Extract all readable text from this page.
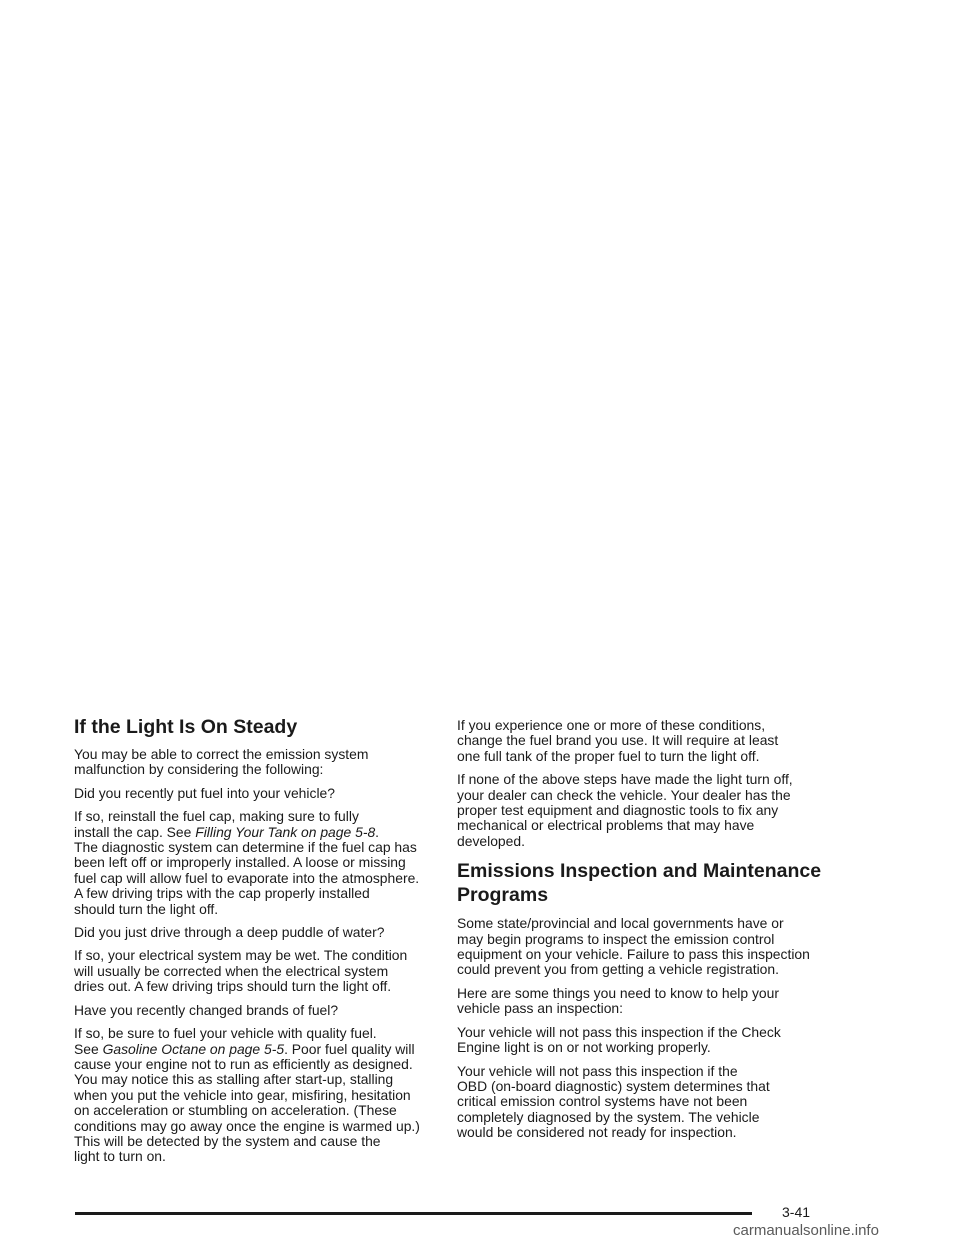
If the Light Is On Steady

You may be able to correct the emission system
malfunction by considering the following:

Did you recently put fuel into your vehicle?

If so, reinstall the fuel cap, making sure to fully
install the cap. See Filling Your Tank on page 5-8.
The diagnostic system can determine if the fuel cap has
been left off or improperly installed. A loose or missing
fuel cap will allow fuel to evaporate into the atmosphere.
A few driving trips with the cap properly installed
should turn the light off.

Did you just drive through a deep puddle of water?

If so, your electrical system may be wet. The condition
will usually be corrected when the electrical system
dries out. A few driving trips should turn the light off.

Have you recently changed brands of fuel?

If so, be sure to fuel your vehicle with quality fuel.
See Gasoline Octane on page 5-5. Poor fuel quality will
cause your engine not to run as efficiently as designed.
You may notice this as stalling after start-up, stalling
when you put the vehicle into gear, misfiring, hesitation
on acceleration or stumbling on acceleration. (These
conditions may go away once the engine is warmed up.)
This will be detected by the system and cause the
light to turn on.

If you experience one or more of these conditions,
change the fuel brand you use. It will require at least
one full tank of the proper fuel to turn the light off.

If none of the above steps have made the light turn off,
your dealer can check the vehicle. Your dealer has the
proper test equipment and diagnostic tools to fix any
mechanical or electrical problems that may have
developed.

Emissions Inspection and Maintenance
Programs

Some state/provincial and local governments have or
may begin programs to inspect the emission control
equipment on your vehicle. Failure to pass this inspection
could prevent you from getting a vehicle registration.

Here are some things you need to know to help your
vehicle pass an inspection:

Your vehicle will not pass this inspection if the Check
Engine light is on or not working properly.

Your vehicle will not pass this inspection if the
OBD (on-board diagnostic) system determines that
critical emission control systems have not been
completely diagnosed by the system. The vehicle
would be considered not ready for inspection.

3-41
carmanualsonline.info
